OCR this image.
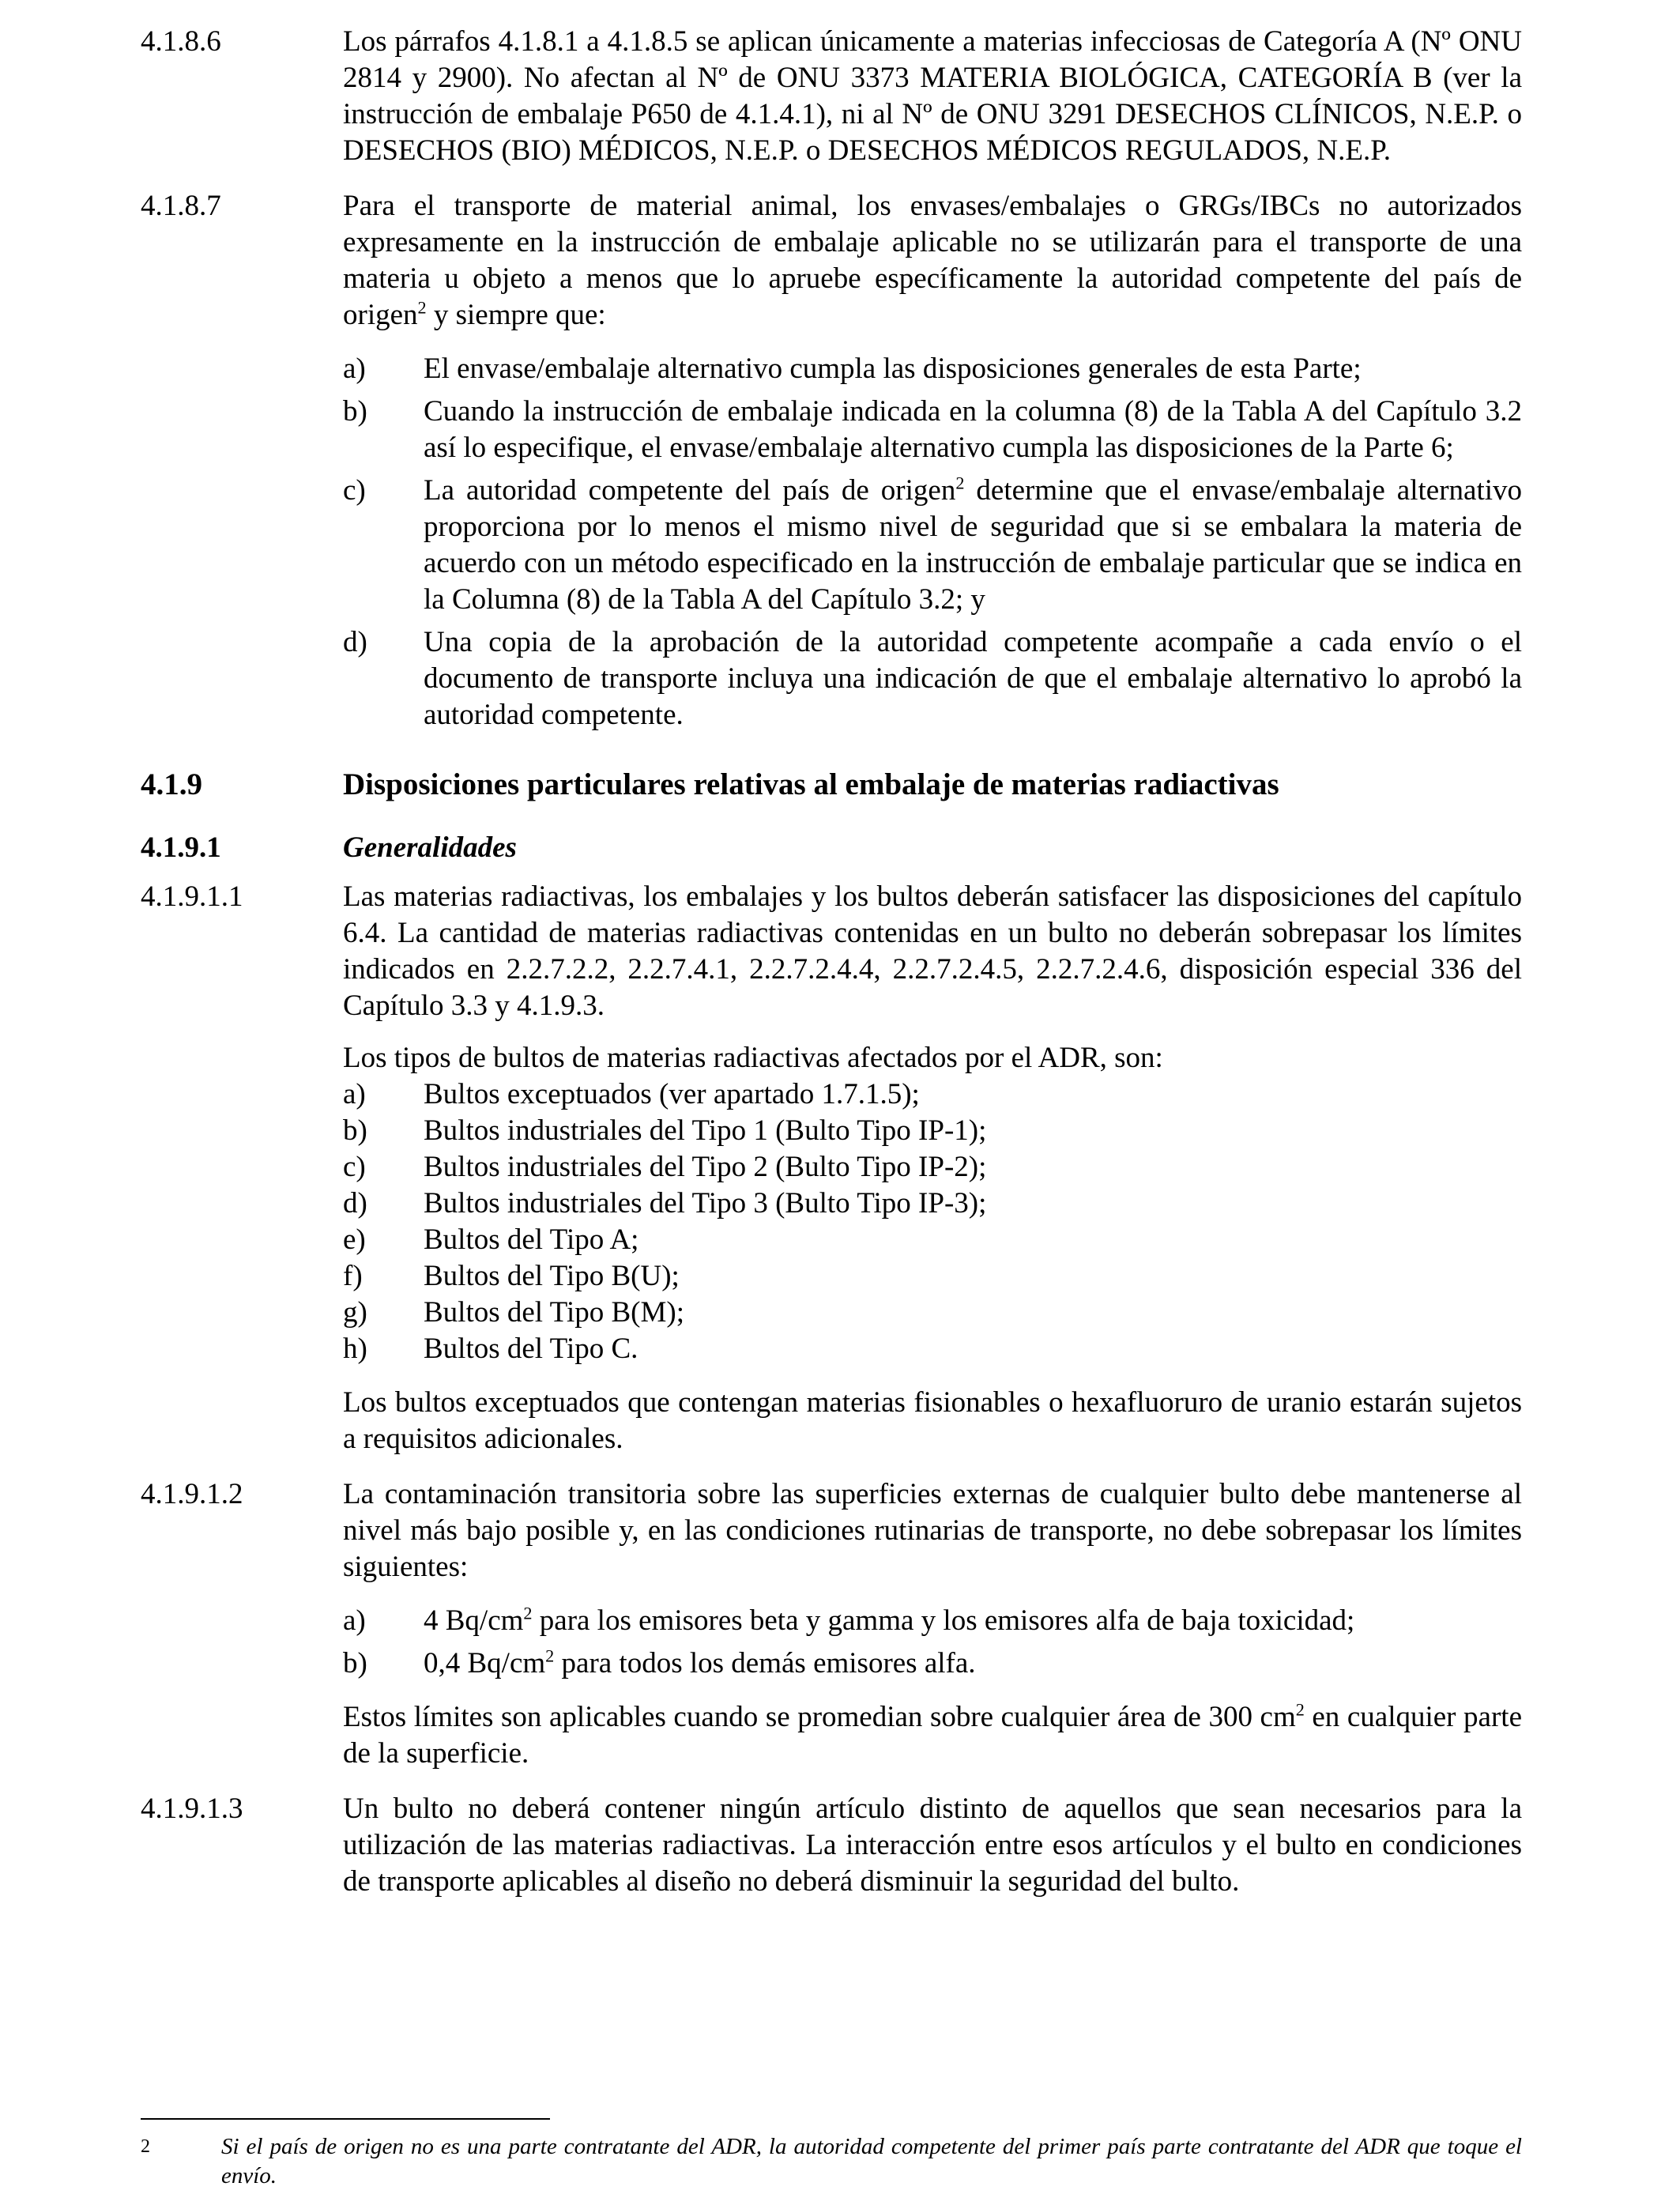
4.1.8.6	Los párrafos 4.1.8.1 a 4.1.8.5 se aplican únicamente a materias infecciosas de Categoría A (Nº ONU 2814 y 2900). No afectan al Nº de ONU 3373 MATERIA BIOLÓGICA, CATEGORÍA B (ver la instrucción de embalaje P650 de 4.1.4.1), ni al Nº de ONU 3291 DESECHOS CLÍNICOS, N.E.P. o DESECHOS (BIO) MÉDICOS, N.E.P. o DESECHOS MÉDICOS REGULADOS, N.E.P.
4.1.8.7	Para el transporte de material animal, los envases/embalajes o GRGs/IBCs no autorizados expresamente en la instrucción de embalaje aplicable no se utilizarán para el transporte de una materia u objeto a menos que lo apruebe específicamente la autoridad competente del país de origen$^2$ y siempre que:

a)	El envase/embalaje alternativo cumpla las disposiciones generales de esta Parte;
b)	Cuando la instrucción de embalaje indicada en la columna (8) de la Tabla A del Capítulo 3.2 así lo especifique, el envase/embalaje alternativo cumpla las disposiciones de la Parte 6;
c)	La autoridad competente del país de origen$^2$ determine que el envase/embalaje alternativo proporciona por lo menos el mismo nivel de seguridad que si se embalara la materia de acuerdo con un método especificado en la instrucción de embalaje particular que se indica en la Columna (8) de la Tabla A del Capítulo 3.2; y
d)	Una copia de la aprobación de la autoridad competente acompañe a cada envío o el documento de transporte incluya una indicación de que el embalaje alternativo lo aprobó la autoridad competente.
4.1.9	Disposiciones particulares relativas al embalaje de materias radiactivas
4.1.9.1	Generalidades
4.1.9.1.1	Las materias radiactivas, los embalajes y los bultos deberán satisfacer las disposiciones del capítulo 6.4. La cantidad de materias radiactivas contenidas en un bulto no deberán sobrepasar los límites indicados en 2.2.7.2.2, 2.2.7.4.1, 2.2.7.2.4.4, 2.2.7.2.4.5, 2.2.7.2.4.6, disposición especial 336 del Capítulo 3.3 y 4.1.9.3.

Los tipos de bultos de materias radiactivas afectados por el ADR, son:

a)	Bultos exceptuados (ver apartado 1.7.1.5);
b)	Bultos industriales del Tipo 1 (Bulto Tipo IP-1);
c)	Bultos industriales del Tipo 2 (Bulto Tipo IP-2);
d)	Bultos industriales del Tipo 3 (Bulto Tipo IP-3);
e)	Bultos del Tipo A;
f)	Bultos del Tipo B(U);
g)	Bultos del Tipo B(M);
h)	Bultos del Tipo C.

Los bultos exceptuados que contengan materias fisionables o hexafluoruro de uranio estarán sujetos a requisitos adicionales.

4.1.9.1.2	La contaminación transitoria sobre las superficies externas de cualquier bulto debe mantenerse al nivel más bajo posible y, en las condiciones rutinarias de transporte, no debe sobrepasar los límites siguientes:

a)	4 $Bq/cm^2$ para los emisores beta y gamma y los emisores alfa de baja toxicidad;
b)	0,4 $Bq/cm^2$ para todos los demás emisores alfa.

Estos límites son aplicables cuando se promedian sobre cualquier área de 300 $cm^2$ en cualquier parte de la superficie.

4.1.9.1.3	Un bulto no deberá contener ningún artículo distinto de aquellos que sean necesarios para la utilización de las materias radiactivas. La interacción entre esos artículos y el bulto en condiciones de transporte aplicables al diseño no deberá disminuir la seguridad del bulto.
2	Si el país de origen no es una parte contratante del ADR, la autoridad competente del primer país parte contratante del ADR que toque el envío.
